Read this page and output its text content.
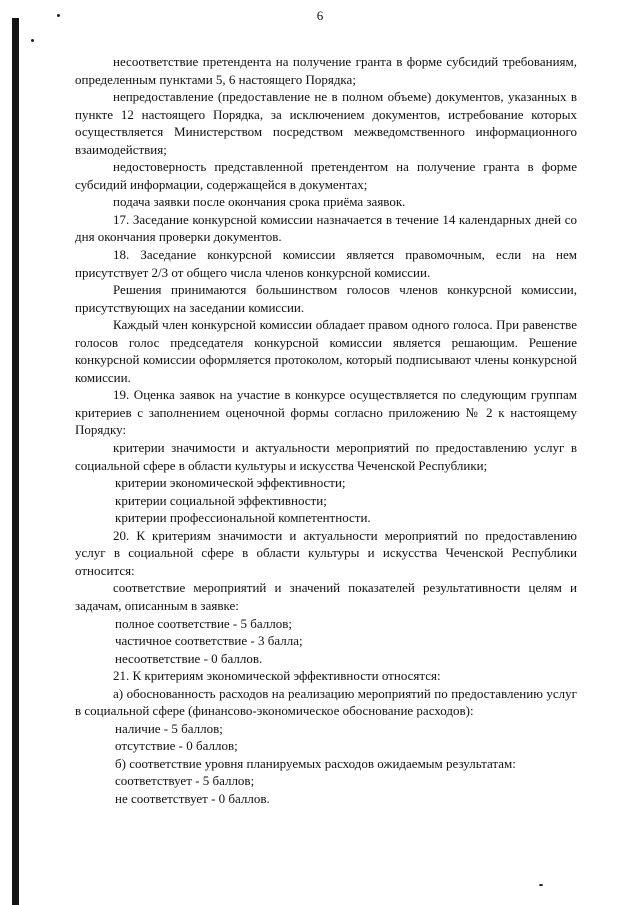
6

несоответствие претендента на получение гранта в форме субсидий требованиям, определенным пунктами 5, 6 настоящего Порядка;

непредоставление (предоставление не в полном объеме) документов, указанных в пункте 12 настоящего Порядка, за исключением документов, истребование которых осуществляется Министерством посредством межведомственного информационного взаимодействия;

недостоверность представленной претендентом на получение гранта в форме субсидий информации, содержащейся в документах;

подача заявки после окончания срока приёма заявок.

17. Заседание конкурсной комиссии назначается в течение 14 календарных дней со дня окончания проверки документов.

18. Заседание конкурсной комиссии является правомочным, если на нем присутствует 2/3 от общего числа членов конкурсной комиссии.

Решения принимаются большинством голосов членов конкурсной комиссии, присутствующих на заседании комиссии.

Каждый член конкурсной комиссии обладает правом одного голоса. При равенстве голосов голос председателя конкурсной комиссии является решающим. Решение конкурсной комиссии оформляется протоколом, который подписывают члены конкурсной комиссии.

19. Оценка заявок на участие в конкурсе осуществляется по следующим группам критериев с заполнением оценочной формы согласно приложению № 2 к настоящему Порядку:

критерии значимости и актуальности мероприятий по предоставлению услуг в социальной сфере в области культуры и искусства Чеченской Республики;

критерии экономической эффективности;

критерии социальной эффективности;

критерии профессиональной компетентности.

20. К критериям значимости и актуальности мероприятий по предоставлению услуг в социальной сфере в области культуры и искусства Чеченской Республики относится:

соответствие мероприятий и значений показателей результативности целям и задачам, описанным в заявке:

полное соответствие - 5 баллов;

частичное соответствие - 3 балла;

несоответствие - 0 баллов.

21. К критериям экономической эффективности относятся:

а) обоснованность расходов на реализацию мероприятий по предоставлению услуг в социальной сфере (финансово-экономическое обоснование расходов):

наличие - 5 баллов;

отсутствие - 0 баллов;

б) соответствие уровня планируемых расходов ожидаемым результатам:

соответствует - 5 баллов;

не соответствует - 0 баллов.
